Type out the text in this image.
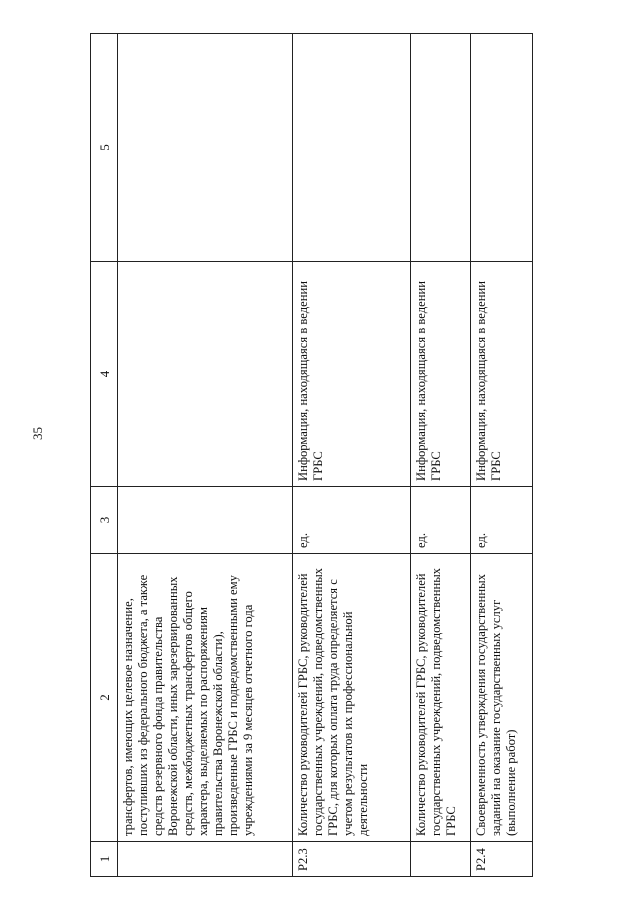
35
1	2	3	4	5
	трансфертов, имеющих целевое назначение, поступивших из федерального бюджета, а также средств резервного фонда правительства Воронежской области, иных зарезервированных средств, межбюджетных трансфертов общего характера, выделяемых по распоряжениям правительства Воронежской области), произведенные ГРБС и подведомственными ему учреждениями за 9 месяцев отчетного года			
P2.3	Количество руководителей ГРБС, руководителей государственных учреждений, подведомственных ГРБС, для которых оплата труда определяется с учетом результатов их профессиональной деятельности	ед.	Информация, находящаяся в ведении ГРБС	
	Количество руководителей ГРБС, руководителей государственных учреждений, подведомственных ГРБС	ед.	Информация, находящаяся в ведении ГРБС	
P2.4	Своевременность утверждения государственных заданий на оказание государственных услуг (выполнение работ)	ед.	Информация, находящаяся в ведении ГРБС	
